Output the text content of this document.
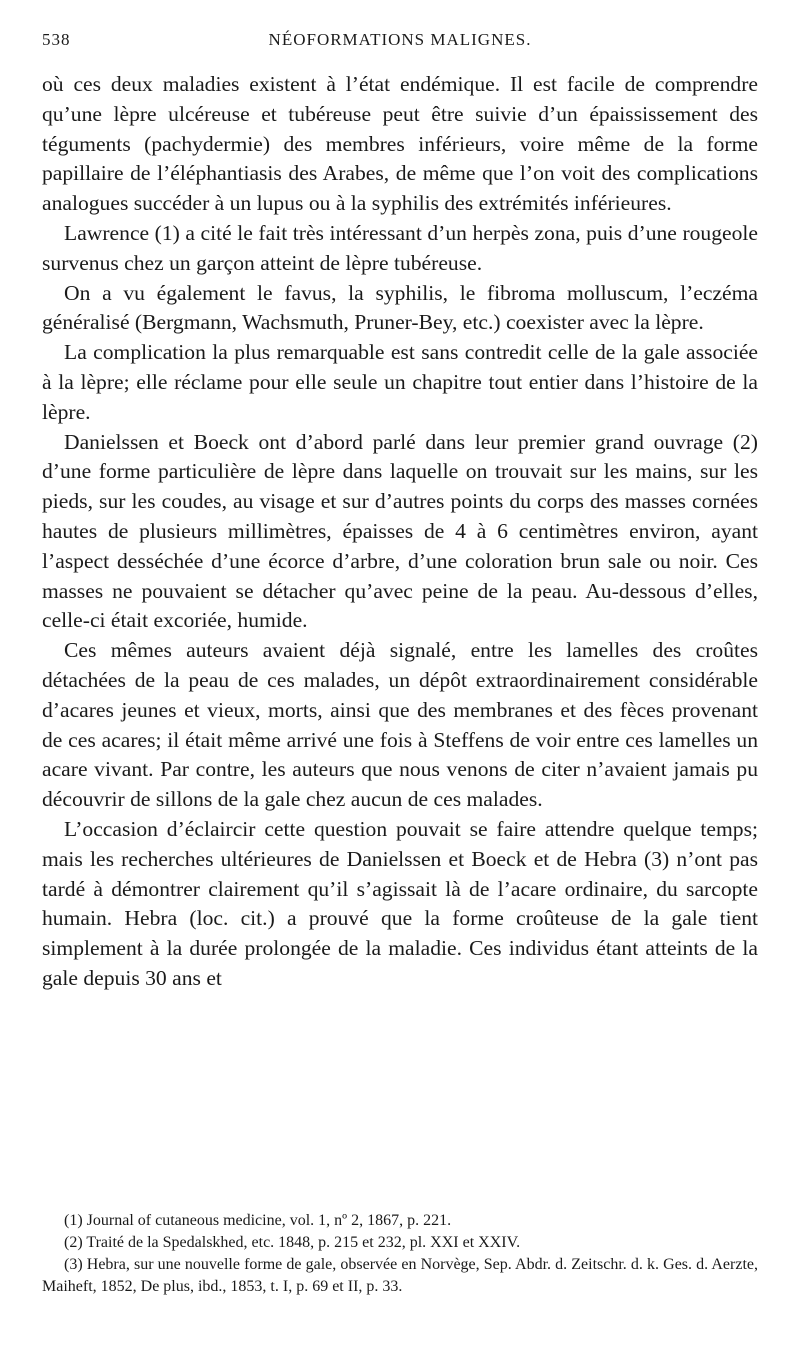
538	NÉOFORMATIONS MALIGNES.

où ces deux maladies existent à l’état endémique. Il est facile de comprendre qu’une lèpre ulcéreuse et tubéreuse peut être suivie d’un épaississement des téguments (pachydermie) des membres inférieurs, voire même de la forme papillaire de l’éléphantiasis des Arabes, de même que l’on voit des complications analogues succéder à un lupus ou à la syphilis des extrémités inférieures.

Lawrence (1) a cité le fait très intéressant d’un herpès zona, puis d’une rougeole survenus chez un garçon atteint de lèpre tubéreuse.

On a vu également le favus, la syphilis, le fibroma molluscum, l’eczéma généralisé (Bergmann, Wachsmuth, Pruner-Bey, etc.) coexister avec la lèpre.

La complication la plus remarquable est sans contredit celle de la gale associée à la lèpre; elle réclame pour elle seule un chapitre tout entier dans l’histoire de la lèpre.

Danielssen et Boeck ont d’abord parlé dans leur premier grand ouvrage (2) d’une forme particulière de lèpre dans laquelle on trouvait sur les mains, sur les pieds, sur les coudes, au visage et sur d’autres points du corps des masses cornées hautes de plusieurs millimètres, épaisses de 4 à 6 centimètres environ, ayant l’aspect desséchée d’une écorce d’arbre, d’une coloration brun sale ou noir. Ces masses ne pouvaient se détacher qu’avec peine de la peau. Au-dessous d’elles, celle-ci était excoriée, humide.

Ces mêmes auteurs avaient déjà signalé, entre les lamelles des croûtes détachées de la peau de ces malades, un dépôt extraordinairement considérable d’acares jeunes et vieux, morts, ainsi que des membranes et des fèces provenant de ces acares; il était même arrivé une fois à Steffens de voir entre ces lamelles un acare vivant. Par contre, les auteurs que nous venons de citer n’avaient jamais pu découvrir de sillons de la gale chez aucun de ces malades.

L’occasion d’éclaircir cette question pouvait se faire attendre quelque temps; mais les recherches ultérieures de Danielssen et Boeck et de Hebra (3) n’ont pas tardé à démontrer clairement qu’il s’agissait là de l’acare ordinaire, du sarcopte humain. Hebra (loc. cit.) a prouvé que la forme croûteuse de la gale tient simplement à la durée prolongée de la maladie. Ces individus étant atteints de la gale depuis 30 ans et

(1) Journal of cutaneous medicine, vol. 1, nº 2, 1867, p. 221.

(2) Traité de la Spedalskhed, etc. 1848, p. 215 et 232, pl. XXI et XXIV.

(3) Hebra, sur une nouvelle forme de gale, observée en Norvège, Sep. Abdr. d. Zeitschr. d. k. Ges. d. Aerzte, Maiheft, 1852, De plus, ibd., 1853, t. I, p. 69 et II, p. 33.
